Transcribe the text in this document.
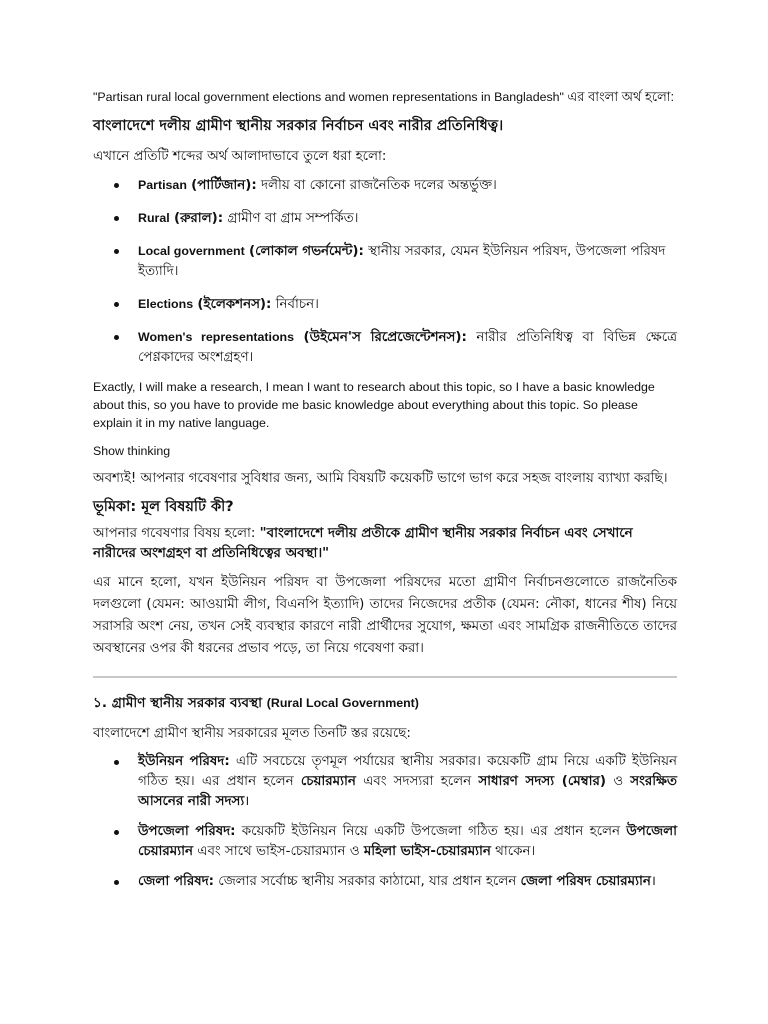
"Partisan rural local government elections and women representations in Bangladesh" এর বাংলা অর্থ হলো:

বাংলাদেশে দলীয় গ্রামীণ স্থানীয় সরকার নির্বাচন এবং নারীর প্রতিনিধিত্ব।

এখানে প্রতিটি শব্দের অর্থ আলাদাভাবে তুলে ধরা হলো:

Partisan (পার্টিজান): দলীয় বা কোনো রাজনৈতিক দলের অন্তর্ভুক্ত।
Rural (রুরাল): গ্রামীণ বা গ্রাম সম্পর্কিত।
Local government (লোকাল গভর্নমেন্ট): স্থানীয় সরকার, যেমন ইউনিয়ন পরিষদ, উপজেলা পরিষদ ইত্যাদি।
Elections (ইলেকশনস): নির্বাচন।
Women's representations (উইমেন'স রিপ্রেজেন্টেশনস): নারীর প্রতিনিধিত্ব বা বিভিন্ন ক্ষেত্রে পেণ্ণকাদের অংশগ্রহণ।

Exactly, I will make a research, I mean I want to research about this topic, so I have a basic knowledge about this, so you have to provide me basic knowledge about everything about this topic. So please explain it in my native language.

Show thinking

অবশ্যই! আপনার গবেষণার সুবিধার জন্য, আমি বিষয়টি কয়েকটি ভাগে ভাগ করে সহজ বাংলায় ব্যাখ্যা করছি।

ভূমিকা: মূল বিষয়টি কী?

আপনার গবেষণার বিষয় হলো: "বাংলাদেশে দলীয় প্রতীকে গ্রামীণ স্থানীয় সরকার নির্বাচন এবং সেখানে নারীদের অংশগ্রহণ বা প্রতিনিধিত্বের অবস্থা।"

এর মানে হলো, যখন ইউনিয়ন পরিষদ বা উপজেলা পরিষদের মতো গ্রামীণ নির্বাচনগুলোতে রাজনৈতিক দলগুলো (যেমন: আওয়ামী লীগ, বিএনপি ইত্যাদি) তাদের নিজেদের প্রতীক (যেমন: নৌকা, ধানের শীষ) নিয়ে সরাসরি অংশ নেয়, তখন সেই ব্যবস্থার কারণে নারী প্রার্থীদের সুযোগ, ক্ষমতা এবং সামগ্রিক রাজনীতিতে তাদের অবস্থানের ওপর কী ধরনের প্রভাব পড়ে, তা নিয়ে গবেষণা করা।

১. গ্রামীণ স্থানীয় সরকার ব্যবস্থা (Rural Local Government)

বাংলাদেশে গ্রামীণ স্থানীয় সরকারের মূলত তিনটি স্তর রয়েছে:

ইউনিয়ন পরিষদ: এটি সবচেয়ে তৃণমূল পর্যায়ের স্থানীয় সরকার। কয়েকটি গ্রাম নিয়ে একটি ইউনিয়ন গঠিত হয়। এর প্রধান হলেন চেয়ারম্যান এবং সদস্যরা হলেন সাধারণ সদস্য (মেম্বার) ও সংরক্ষিত আসনের নারী সদস্য।
উপজেলা পরিষদ: কয়েকটি ইউনিয়ন নিয়ে একটি উপজেলা গঠিত হয়। এর প্রধান হলেন উপজেলা চেয়ারম্যান এবং সাথে ভাইস-চেয়ারম্যান ও মহিলা ভাইস-চেয়ারম্যান থাকেন।
জেলা পরিষদ: জেলার সর্বোচ্চ স্থানীয় সরকার কাঠামো, যার প্রধান হলেন জেলা পরিষদ চেয়ারম্যান।
